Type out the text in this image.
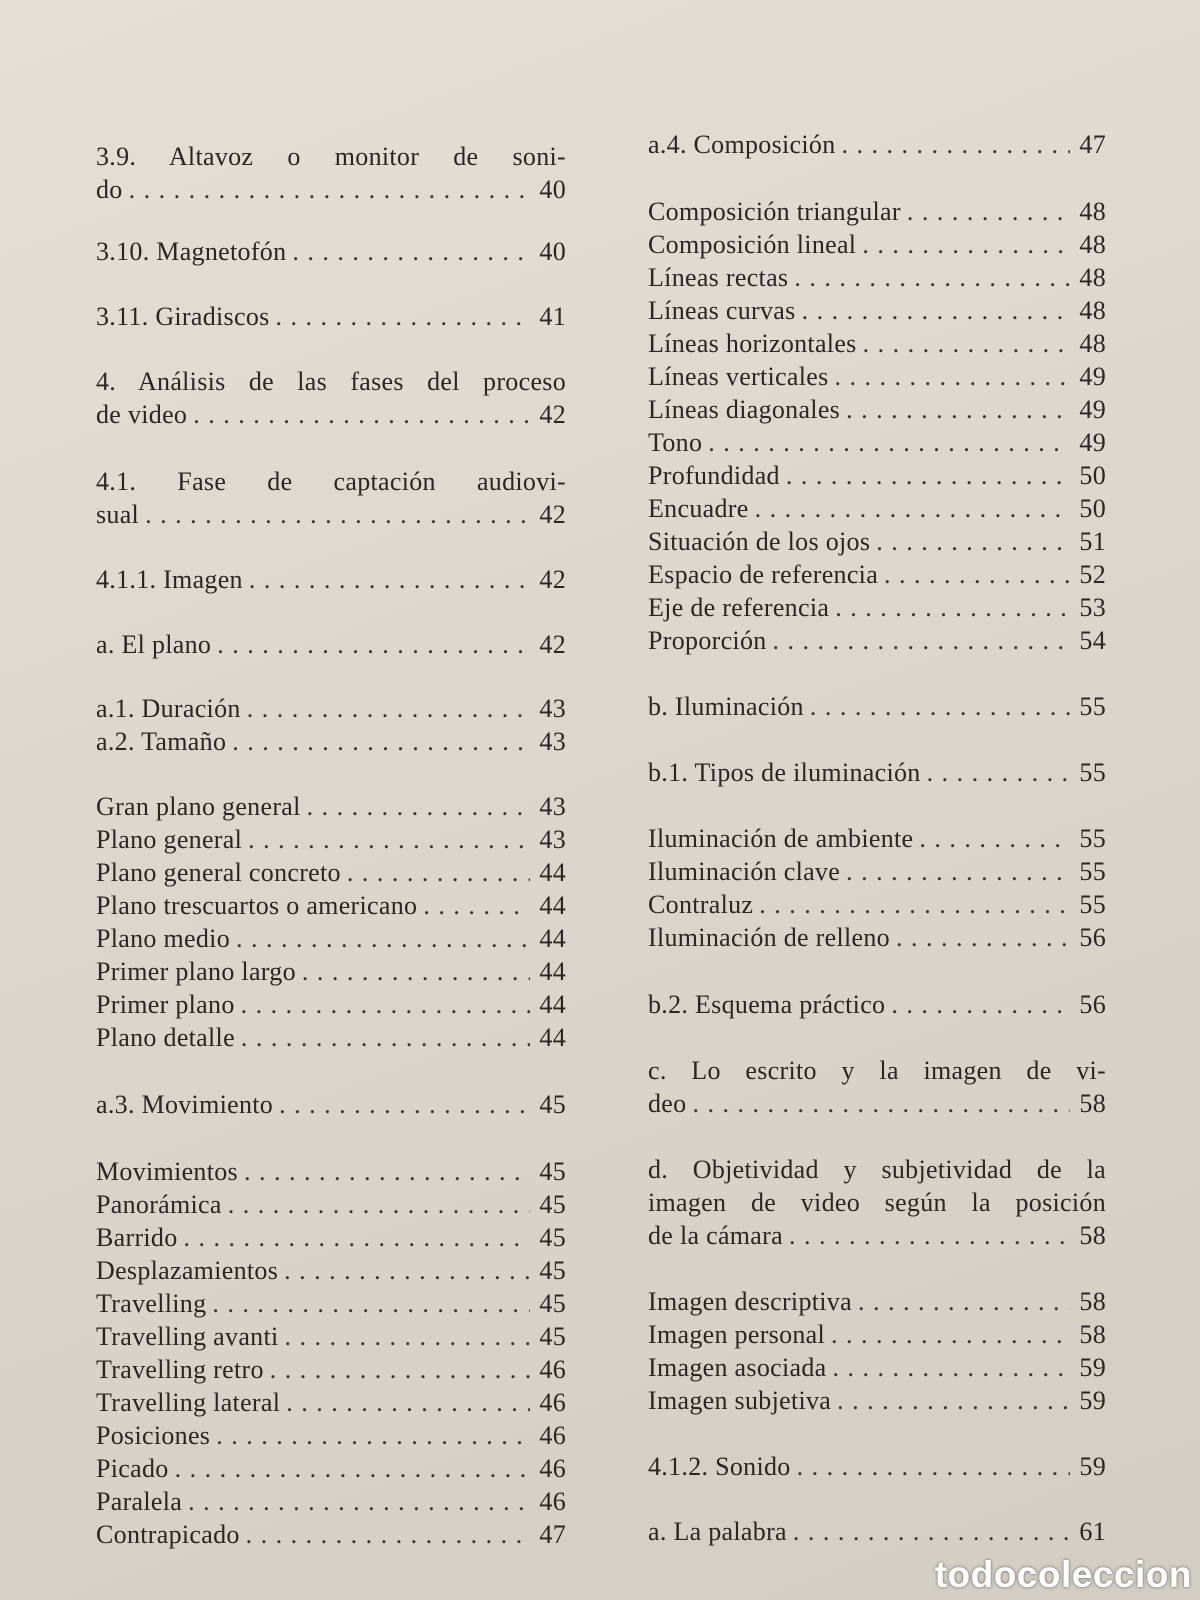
3.9. Altavoz o monitor de soni-
do . . .	40
3.10. Magnetofón . . .	40
3.11. Giradiscos . . .	41
4. Análisis de las fases del proceso
de video . . .	42
4.1. Fase de captación audiovi-
sual . . .	42
4.1.1. Imagen . . .	42
a. El plano . . .	42
a.1. Duración . . .	43
a.2. Tamaño . . .	43
Gran plano general . . .	43
Plano general . . .	43
Plano general concreto . . .	44
Plano trescuartos o americano . . .	44
Plano medio . . .	44
Primer plano largo . . .	44
Primer plano . . .	44
Plano detalle . . .	44
a.3. Movimiento . . .	45
Movimientos . . .	45
Panorámica . . .	45
Barrido . . .	45
Desplazamientos . . .	45
Travelling . . .	45
Travelling avanti . . .	45
Travelling retro . . .	46
Travelling lateral . . .	46
Posiciones . . .	46
Picado . . .	46
Paralela . . .	46
Contrapicado . . .	47
a.4. Composición . . .	47
Composición triangular . . .	48
Composición lineal . . .	48
Líneas rectas . . .	48
Líneas curvas . . .	48
Líneas horizontales . . .	48
Líneas verticales . . .	49
Líneas diagonales . . .	49
Tono . . .	49
Profundidad . . .	50
Encuadre . . .	50
Situación de los ojos . . .	51
Espacio de referencia . . .	52
Eje de referencia . . .	53
Proporción . . .	54
b. Iluminación . . .	55
b.1. Tipos de iluminación . . .	55
Iluminación de ambiente . . .	55
Iluminación clave . . .	55
Contraluz . . .	55
Iluminación de relleno . . .	56
b.2. Esquema práctico . . .	56
c. Lo escrito y la imagen de vi-
deo . . .	58
d. Objetividad y subjetividad de la
imagen de video según la posición
de la cámara . . .	58
Imagen descriptiva . . .	58
Imagen personal . . .	58
Imagen asociada . . .	59
Imagen subjetiva . . .	59
4.1.2. Sonido . . .	59
a. La palabra . . .	61
todocoleccion
